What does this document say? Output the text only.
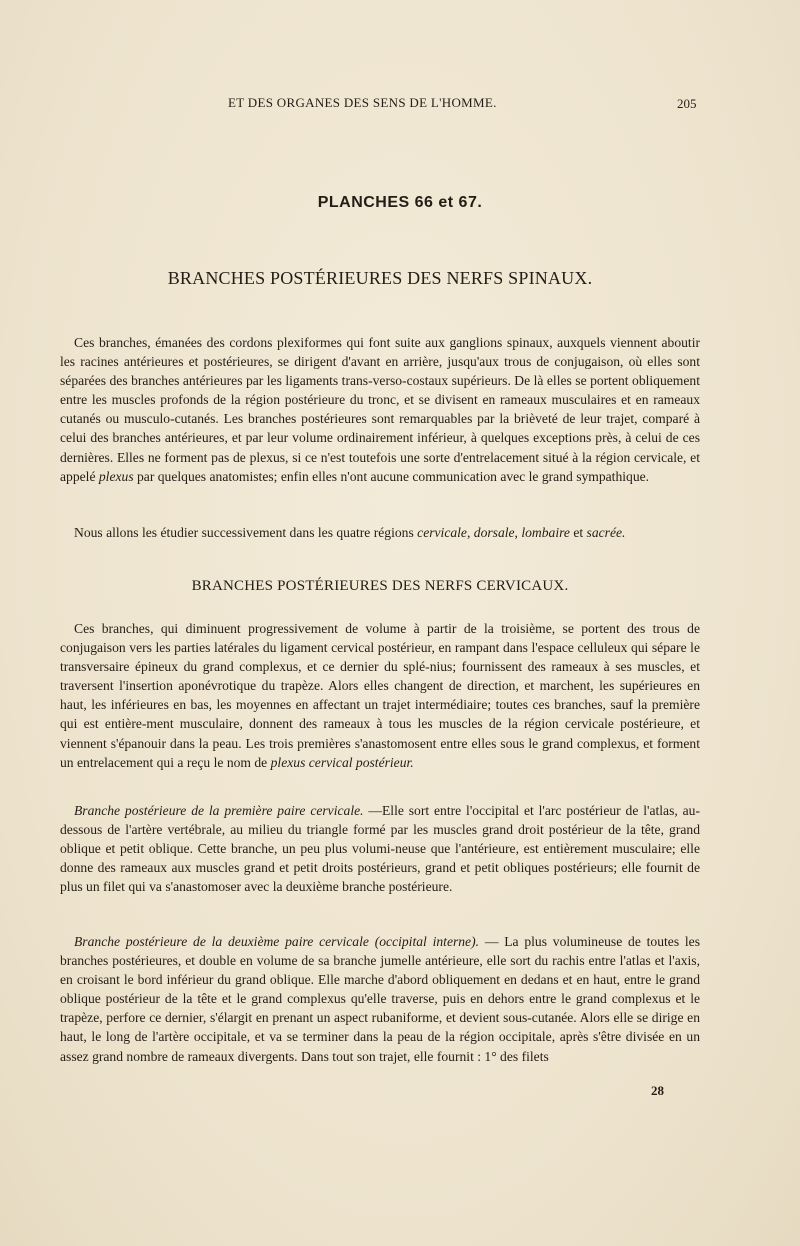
ET DES ORGANES DES SENS DE L'HOMME.	205
PLANCHES 66 et 67.
BRANCHES POSTÉRIEURES DES NERFS SPINAUX.
Ces branches, émanées des cordons plexiformes qui font suite aux ganglions spinaux, auxquels viennent aboutir les racines antérieures et postérieures, se dirigent d'avant en arrière, jusqu'aux trous de conjugaison, où elles sont séparées des branches antérieures par les ligaments trans-verso-costaux supérieurs. De là elles se portent obliquement entre les muscles profonds de la région postérieure du tronc, et se divisent en rameaux musculaires et en rameaux cutanés ou musculo-cutanés. Les branches postérieures sont remarquables par la brièveté de leur trajet, comparé à celui des branches antérieures, et par leur volume ordinairement inférieur, à quelques exceptions près, à celui de ces dernières. Elles ne forment pas de plexus, si ce n'est toutefois une sorte d'entrelacement situé à la région cervicale, et appelé plexus par quelques anatomistes; enfin elles n'ont aucune communication avec le grand sympathique.
Nous allons les étudier successivement dans les quatre régions cervicale, dorsale, lombaire et sacrée.
BRANCHES POSTÉRIEURES DES NERFS CERVICAUX.
Ces branches, qui diminuent progressivement de volume à partir de la troisième, se portent des trous de conjugaison vers les parties latérales du ligament cervical postérieur, en rampant dans l'espace celluleux qui sépare le transversaire épineux du grand complexus, et ce dernier du splé-nius; fournissent des rameaux à ses muscles, et traversent l'insertion aponévrotique du trapèze. Alors elles changent de direction, et marchent, les supérieures en haut, les inférieures en bas, les moyennes en affectant un trajet intermédiaire; toutes ces branches, sauf la première qui est entière-ment musculaire, donnent des rameaux à tous les muscles de la région cervicale postérieure, et viennent s'épanouir dans la peau. Les trois premières s'anastomosent entre elles sous le grand complexus, et forment un entrelacement qui a reçu le nom de plexus cervical postérieur.
Branche postérieure de la première paire cervicale. —Elle sort entre l'occipital et l'arc postérieur de l'atlas, au-dessous de l'artère vertébrale, au milieu du triangle formé par les muscles grand droit postérieur de la tête, grand oblique et petit oblique. Cette branche, un peu plus volumi-neuse que l'antérieure, est entièrement musculaire; elle donne des rameaux aux muscles grand et petit droits postérieurs, grand et petit obliques postérieurs; elle fournit de plus un filet qui va s'anastomoser avec la deuxième branche postérieure.
Branche postérieure de la deuxième paire cervicale (occipital interne). — La plus volumineuse de toutes les branches postérieures, et double en volume de sa branche jumelle antérieure, elle sort du rachis entre l'atlas et l'axis, en croisant le bord inférieur du grand oblique. Elle marche d'abord obliquement en dedans et en haut, entre le grand oblique postérieur de la tête et le grand complexus qu'elle traverse, puis en dehors entre le grand complexus et le trapèze, perfore ce dernier, s'élargit en prenant un aspect rubaniforme, et devient sous-cutanée. Alors elle se dirige en haut, le long de l'artère occipitale, et va se terminer dans la peau de la région occipitale, après s'être divisée en un assez grand nombre de rameaux divergents. Dans tout son trajet, elle fournit : 1° des filets
28
